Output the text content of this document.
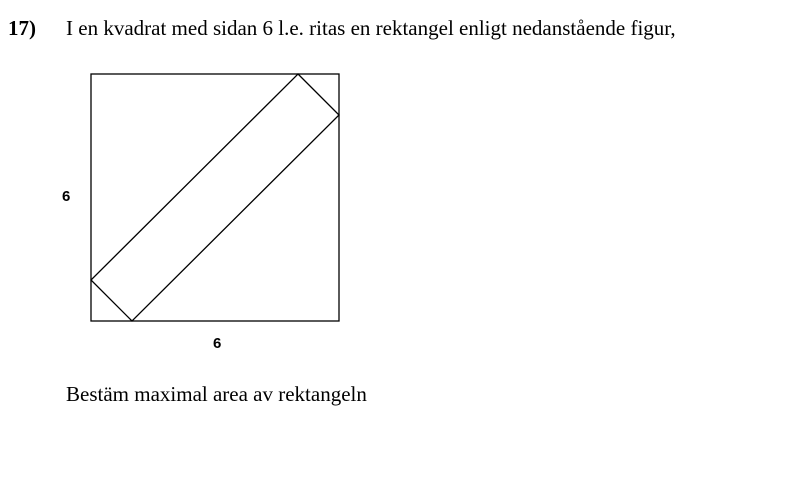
17) I en kvadrat med sidan 6 l.e. ritas en rektangel enligt nedanstående figur,
6
6
Bestäm maximal area av rektangeln
